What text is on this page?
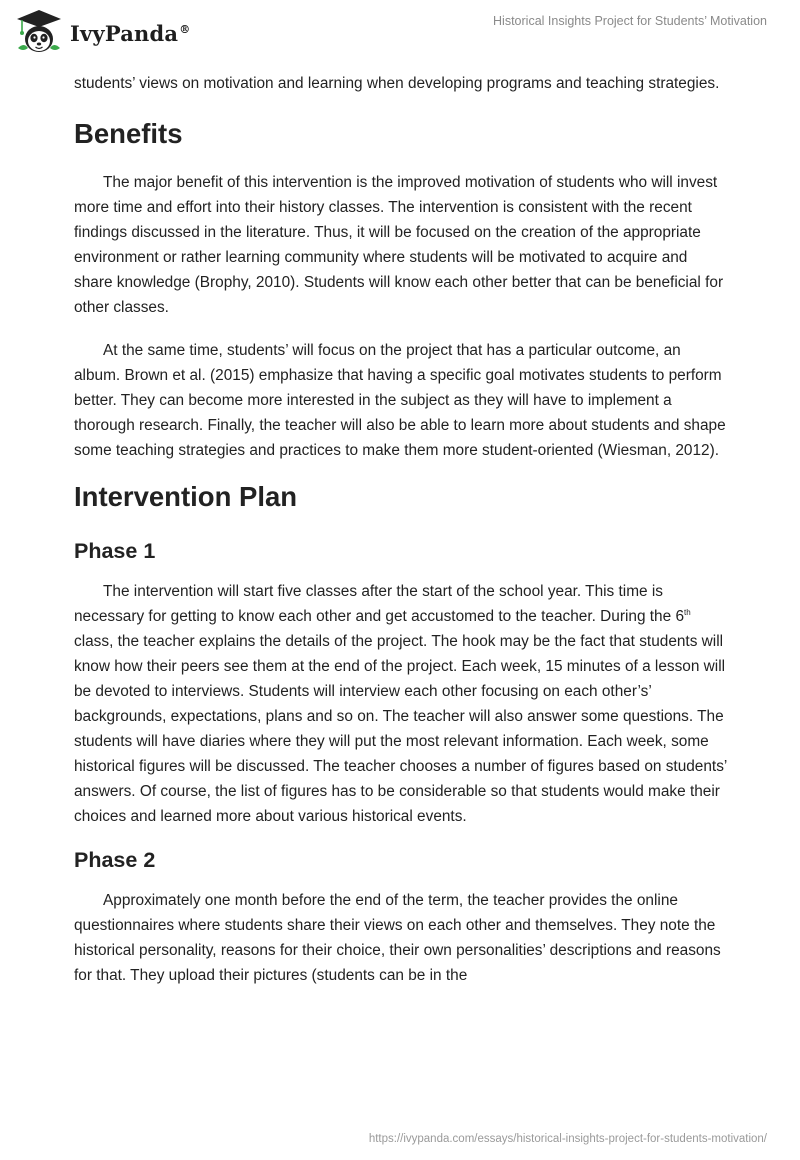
IvyPanda®
Historical Insights Project for Students’ Motivation

students’ views on motivation and learning when developing programs and teaching strategies.

Benefits

The major benefit of this intervention is the improved motivation of students who will invest more time and effort into their history classes. The intervention is consistent with the recent findings discussed in the literature. Thus, it will be focused on the creation of the appropriate environment or rather learning community where students will be motivated to acquire and share knowledge (Brophy, 2010). Students will know each other better that can be beneficial for other classes.

At the same time, students’ will focus on the project that has a particular outcome, an album. Brown et al. (2015) emphasize that having a specific goal motivates students to perform better. They can become more interested in the subject as they will have to implement a thorough research. Finally, the teacher will also be able to learn more about students and shape some teaching strategies and practices to make them more student-oriented (Wiesman, 2012).

Intervention Plan
Phase 1

The intervention will start five classes after the start of the school year. This time is necessary for getting to know each other and get accustomed to the teacher. During the 6th class, the teacher explains the details of the project. The hook may be the fact that students will know how their peers see them at the end of the project. Each week, 15 minutes of a lesson will be devoted to interviews. Students will interview each other focusing on each other’s’ backgrounds, expectations, plans and so on. The teacher will also answer some questions. The students will have diaries where they will put the most relevant information. Each week, some historical figures will be discussed. The teacher chooses a number of figures based on students’ answers. Of course, the list of figures has to be considerable so that students would make their choices and learned more about various historical events.

Phase 2

Approximately one month before the end of the term, the teacher provides the online questionnaires where students share their views on each other and themselves. They note the historical personality, reasons for their choice, their own personalities’ descriptions and reasons for that. They upload their pictures (students can be in the

https://ivypanda.com/essays/historical-insights-project-for-students-motivation/
